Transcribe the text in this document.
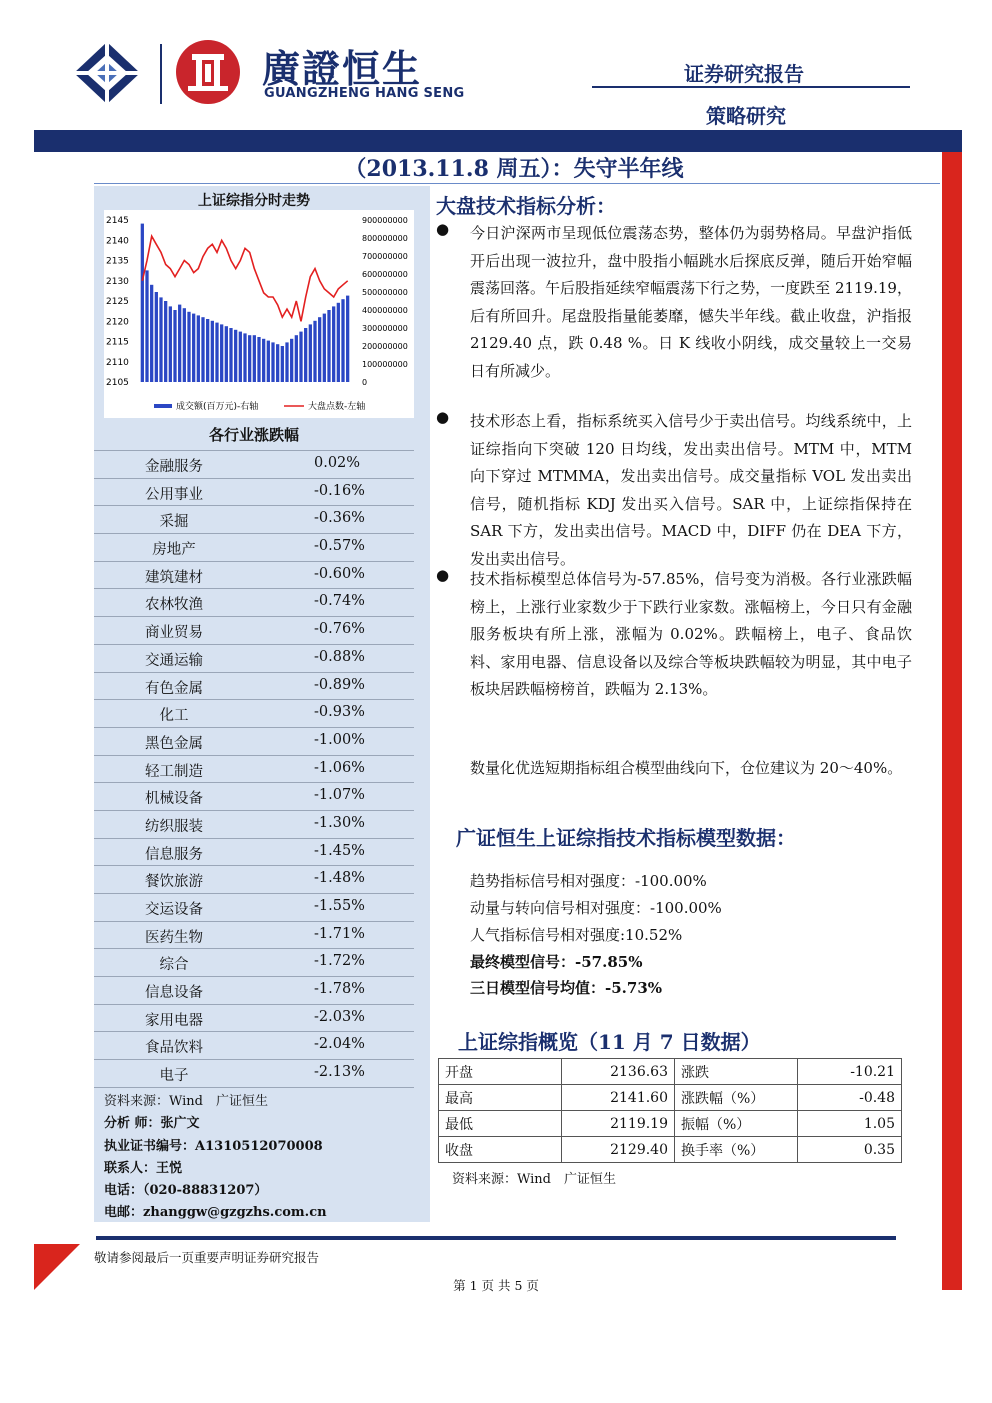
廣證恒生
GUANGZHENG HANG SENG
证券研究报告
策略研究
（2013.11.8 周五）：失守半年线
上证综指分时走势
2145
2140
2135
2130
2125
2120
2115
2110
2105
900000000
800000000
700000000
600000000
500000000
400000000
300000000
200000000
100000000
0
成交额(百万元)-右轴	大盘点数-左轴
各行业涨跌幅
金融服务	0.02%
公用事业	-0.16%
采掘	-0.36%
房地产	-0.57%
建筑建材	-0.60%
农林牧渔	-0.74%
商业贸易	-0.76%
交通运输	-0.88%
有色金属	-0.89%
化工	-0.93%
黑色金属	-1.00%
轻工制造	-1.06%
机械设备	-1.07%
纺织服装	-1.30%
信息服务	-1.45%
餐饮旅游	-1.48%
交运设备	-1.55%
医药生物	-1.71%
综合	-1.72%
信息设备	-1.78%
家用电器	-2.03%
食品饮料	-2.04%
电子	-2.13%
资料来源：Wind　广证恒生
分析 师：张广文
执业证书编号：A1310512070008
联系人：王悦
电话：（020-88831207）
电邮：zhanggw@gzgzhs.com.cn
大盘技术指标分析：
● 今日沪深两市呈现低位震荡态势，整体仍为弱势格局。早盘沪指低开后出现一波拉升，盘中股指小幅跳水后探底反弹，随后开始窄幅震荡回落。午后股指延续窄幅震荡下行之势，一度跌至 2119.19，后有所回升。尾盘股指量能萎靡，憾失半年线。截止收盘，沪指报 2129.40 点，跌 0.48 %。日 K 线收小阴线，成交量较上一交易日有所减少。
● 技术形态上看，指标系统买入信号少于卖出信号。均线系统中，上证综指向下突破 120 日均线，发出卖出信号。MTM 中，MTM 向下穿过 MTMMA，发出卖出信号。成交量指标 VOL 发出卖出信号，随机指标 KDJ 发出买入信号。SAR 中，上证综指保持在 SAR 下方，发出卖出信号。MACD 中，DIFF 仍在 DEA 下方，发出卖出信号。
● 技术指标模型总体信号为-57.85%，信号变为消极。各行业涨跌幅榜上，上涨行业家数少于下跌行业家数。涨幅榜上，今日只有金融服务板块有所上涨，涨幅为 0.02%。跌幅榜上，电子、食品饮料、家用电器、信息设备以及综合等板块跌幅较为明显，其中电子板块居跌幅榜榜首，跌幅为 2.13%。
数量化优选短期指标组合模型曲线向下，仓位建议为 20～40%。
广证恒生上证综指技术指标模型数据：
趋势指标信号相对强度：-100.00%
动量与转向信号相对强度：-100.00%
人气指标信号相对强度:10.52%
最终模型信号：-57.85%
三日模型信号均值：-5.73%
上证综指概览（11 月 7 日数据）
开盘	2136.63	涨跌	-10.21
最高	2141.60	涨跌幅（%）	-0.48
最低	2119.19	振幅（%）	1.05
收盘	2129.40	换手率（%）	0.35
资料来源：Wind　广证恒生
敬请参阅最后一页重要声明证券研究报告
第 1 页 共 5 页
